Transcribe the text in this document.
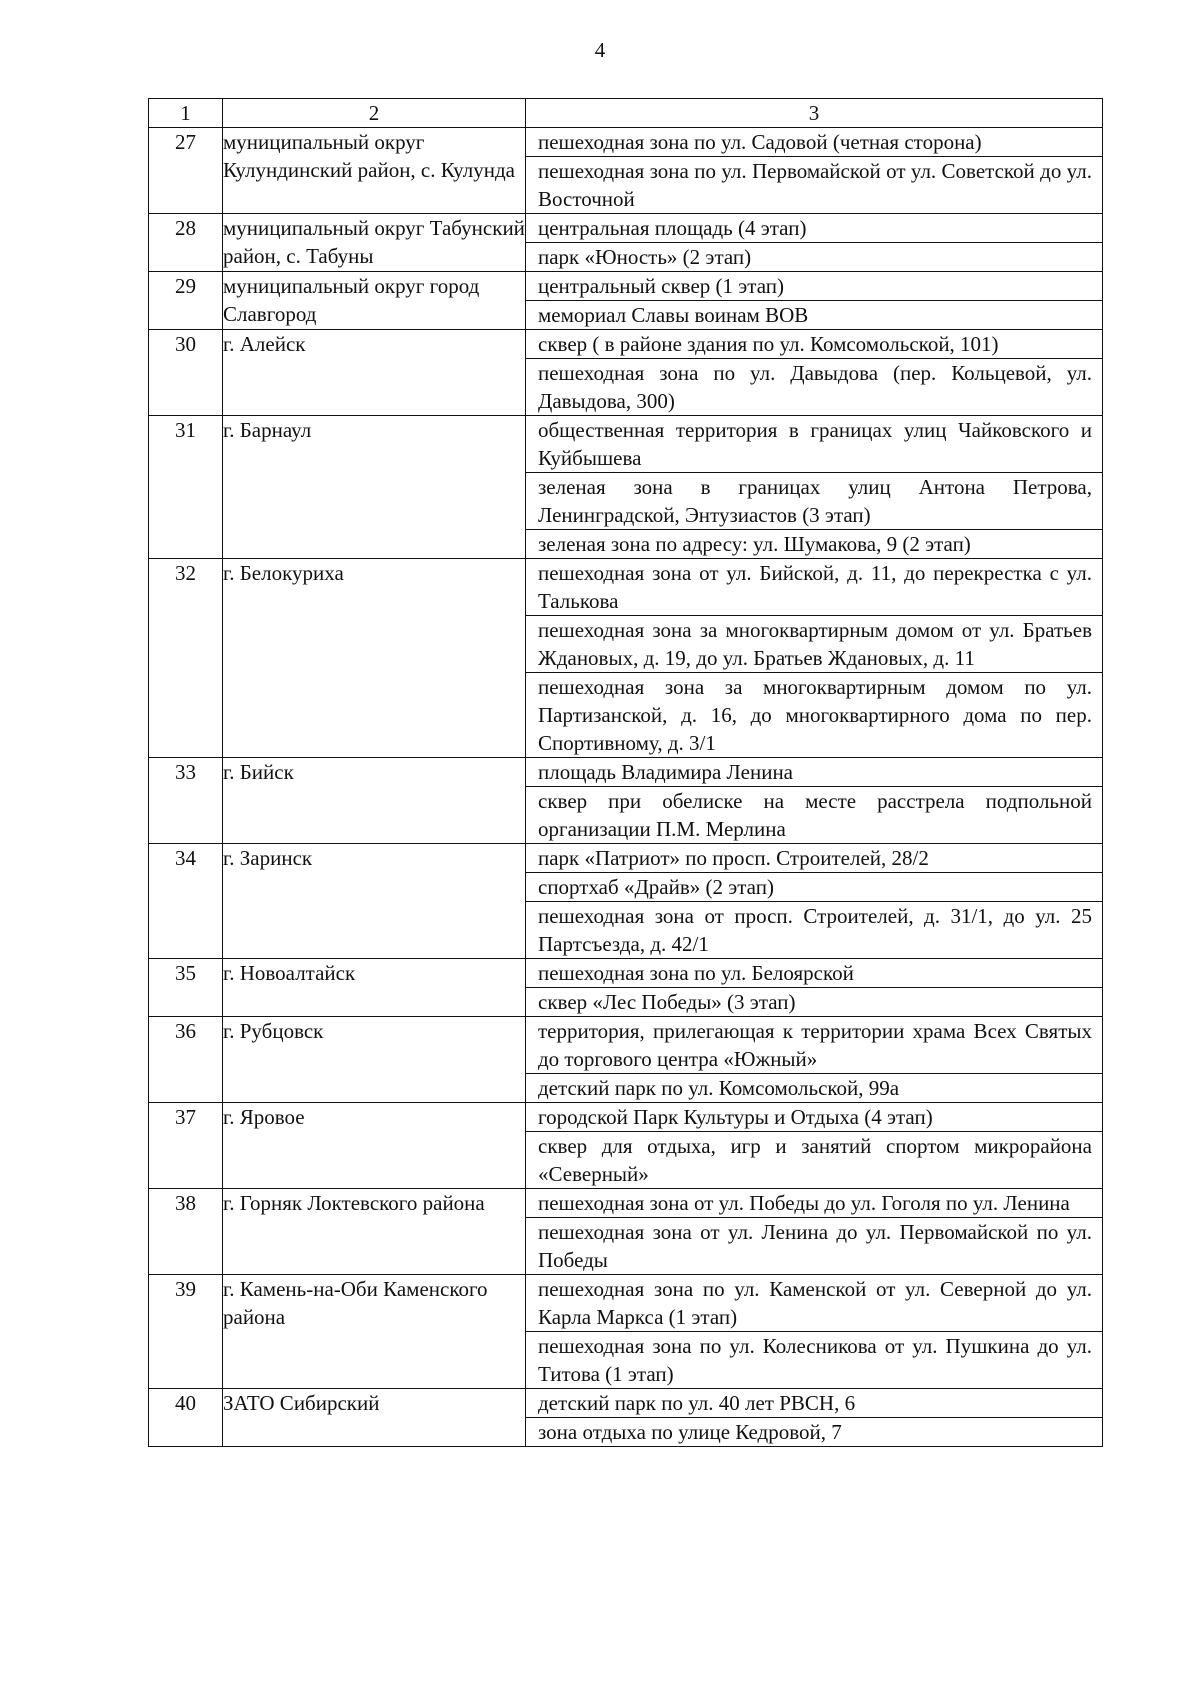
4
1	2	3
27	муниципальный округ Кулундинский район, с. Кулунда	пешеходная зона по ул. Садовой (четная сторона)
пешеходная зона по ул. Первомайской от ул. Советской до ул. Восточной

28	муниципальный округ Табунский район, с. Табуны	центральная площадь (4 этап)
парк «Юность» (2 этап)

29	муниципальный округ город Славгород	центральный сквер (1 этап)
мемориал Славы воинам ВОВ

30	г. Алейск	сквер ( в районе здания по ул. Комсомольской, 101)
пешеходная зона по ул. Давыдова (пер. Кольцевой, ул. Давыдова, 300)

31	г. Барнаул	общественная территория в границах улиц Чайковского и Куйбышева
зеленая зона в границах улиц Антона Петрова, Ленинградской, Энтузиастов (3 этап)
зеленая зона по адресу: ул. Шумакова, 9 (2 этап)

32	г. Белокуриха	пешеходная зона от ул. Бийской, д. 11, до перекрестка с ул. Талькова
пешеходная зона за многоквартирным домом от ул. Братьев Ждановых, д. 19, до ул. Братьев Ждановых, д. 11
пешеходная зона за многоквартирным домом по ул. Партизанской, д. 16, до многоквартирного дома по пер. Спортивному, д. 3/1

33	г. Бийск	площадь Владимира Ленина
сквер при обелиске на месте расстрела подпольной организации П.М. Мерлина

34	г. Заринск	парк «Патриот» по просп. Строителей, 28/2
спортхаб «Драйв» (2 этап)
пешеходная зона от просп. Строителей, д. 31/1, до ул. 25 Партсъезда, д. 42/1

35	г. Новоалтайск	пешеходная зона по ул. Белоярской
сквер «Лес Победы» (3 этап)

36	г. Рубцовск	территория, прилегающая к территории храма Всех Святых до торгового центра «Южный»
детский парк по ул. Комсомольской, 99а

37	г. Яровое	городской Парк Культуры и Отдыха (4 этап)
сквер для отдыха, игр и занятий спортом микрорайона «Северный»

38	г. Горняк Локтевского района	пешеходная зона от ул. Победы до ул. Гоголя по ул. Ленина
пешеходная зона от ул. Ленина до ул. Первомайской по ул. Победы

39	г. Камень-на-Оби Каменского района	пешеходная зона по ул. Каменской от ул. Северной до ул. Карла Маркса (1 этап)
пешеходная зона по ул. Колесникова от ул. Пушкина до ул. Титова (1 этап)

40	ЗАТО Сибирский	детский парк по ул. 40 лет РВСН, 6
зона отдыха по улице Кедровой, 7
